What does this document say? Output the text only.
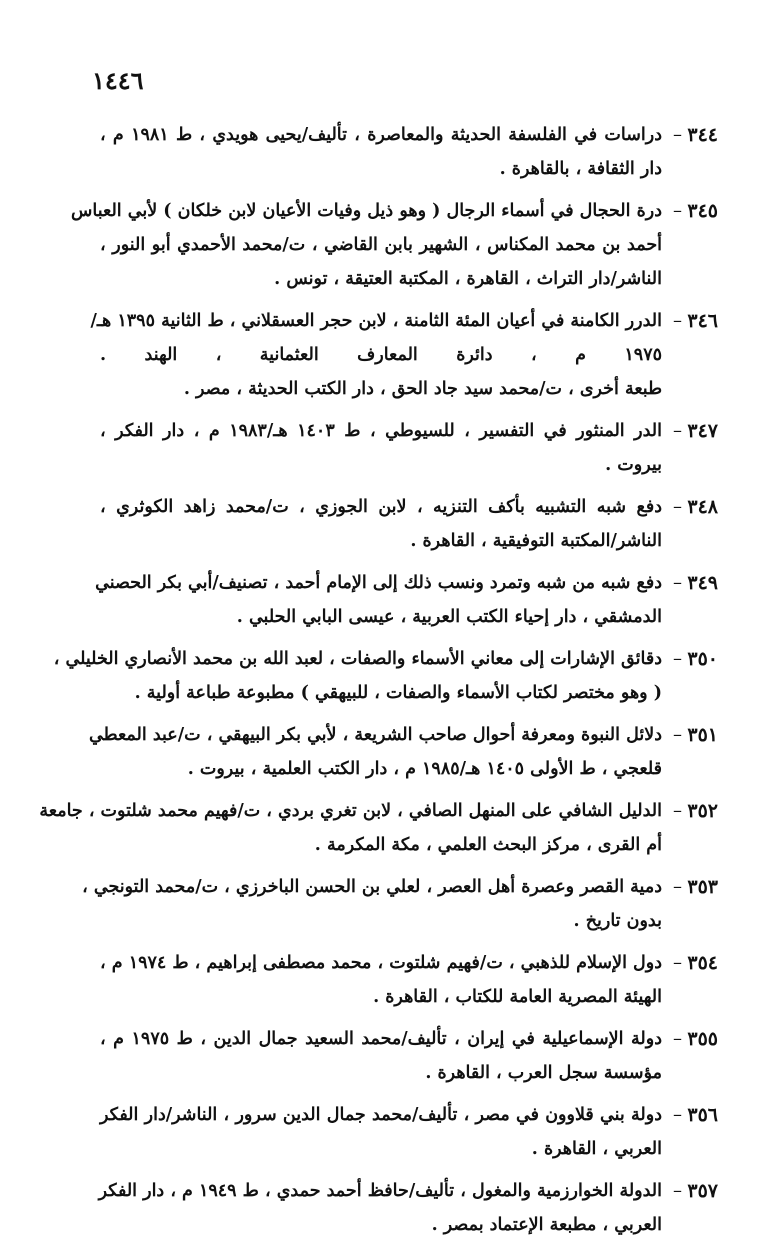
١٤٤٦
٣٤٤
–
دراسات في الفلسفة الحديثة والمعاصرة ، تأليف/يحيى هويدي ، ط ١٩٨١ م ،
دار الثقافة ، بالقاهرة .
٣٤٥
–
درة الحجال في أسماء الرجال ( وهو ذيل وفيات الأعيان لابن خلكان ) لأبي العباس
أحمد بن محمد المكناس ، الشهير بابن القاضي ، ت/محمد الأحمدي أبو النور ،
الناشر/دار التراث ، القاهرة ، المكتبة العتيقة ، تونس .
٣٤٦
–
الدرر الكامنة في أعيان المئة الثامنة ، لابن حجر العسقلاني ، ط الثانية ١٣٩٥ هـ/
١٩٧٥ م ، دائرة المعارف العثمانية ، الهند .
طبعة أخرى ، ت/محمد سيد جاد الحق ، دار الكتب الحديثة ، مصر .
٣٤٧
–
الدر المنثور في التفسير ، للسيوطي ، ط ١٤٠٣ هـ/١٩٨٣ م ، دار الفكر ،
بيروت .
٣٤٨
–
دفع شبه التشبيه بأكف التنزيه ، لابن الجوزي ، ت/محمد زاهد الكوثري ،
الناشر/المكتبة التوفيقية ، القاهرة .
٣٤٩
–
دفع شبه من شبه وتمرد ونسب ذلك إلى الإمام أحمد ، تصنيف/أبي بكر الحصني
الدمشقي ، دار إحياء الكتب العربية ، عيسى البابي الحلبي .
٣٥٠
–
دقائق الإشارات إلى معاني الأسماء والصفات ، لعبد الله بن محمد الأنصاري الخليلي ،
( وهو مختصر لكتاب الأسماء والصفات ، للبيهقي ) مطبوعة طباعة أولية .
٣٥١
–
دلائل النبوة ومعرفة أحوال صاحب الشريعة ، لأبي بكر البيهقي ، ت/عبد المعطي
قلعجي ، ط الأولى ١٤٠٥ هـ/١٩٨٥ م ، دار الكتب العلمية ، بيروت .
٣٥٢
–
الدليل الشافي على المنهل الصافي ، لابن تغري بردي ، ت/فهيم محمد شلتوت ، جامعة
أم القرى ، مركز البحث العلمي ، مكة المكرمة .
٣٥٣
–
دمية القصر وعصرة أهل العصر ، لعلي بن الحسن الباخرزي ، ت/محمد التونجي ،
بدون تاريخ .
٣٥٤
–
دول الإسلام للذهبي ، ت/فهيم شلتوت ، محمد مصطفى إبراهيم ، ط ١٩٧٤ م ،
الهيئة المصرية العامة للكتاب ، القاهرة .
٣٥٥
–
دولة الإسماعيلية في إيران ، تأليف/محمد السعيد جمال الدين ، ط ١٩٧٥ م ،
مؤسسة سجل العرب ، القاهرة .
٣٥٦
–
دولة بني قلاوون في مصر ، تأليف/محمد جمال الدين سرور ، الناشر/دار الفكر
العربي ، القاهرة .
٣٥٧
–
الدولة الخوارزمية والمغول ، تأليف/حافظ أحمد حمدي ، ط ١٩٤٩ م ، دار الفكر
العربي ، مطبعة الإعتماد بمصر .
